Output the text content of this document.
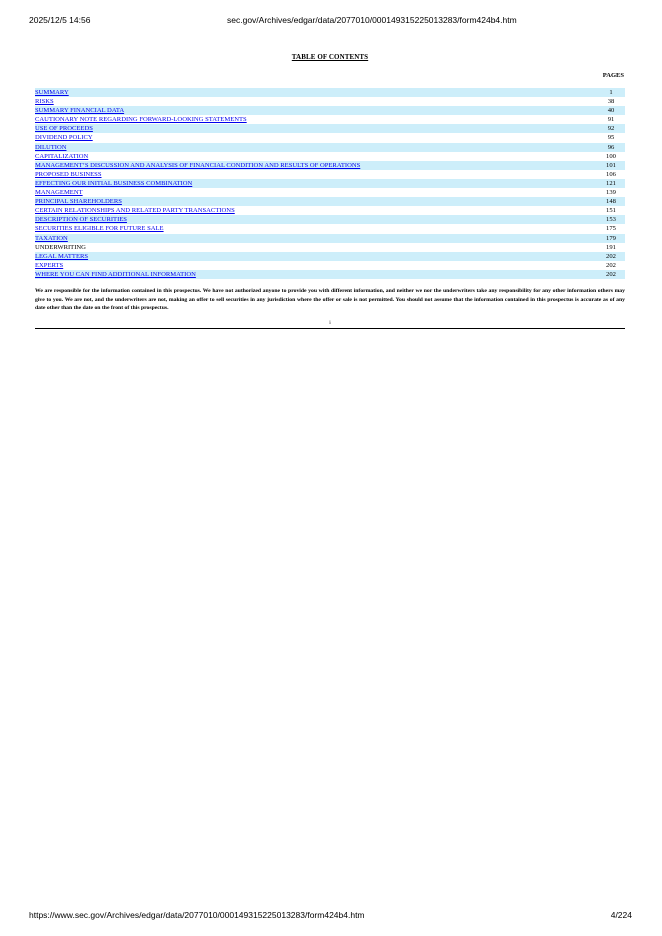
2025/12/5 14:56	sec.gov/Archives/edgar/data/2077010/000149315225013283/form424b4.htm
TABLE OF CONTENTS
PAGES
SUMMARY	1
RISKS	38
SUMMARY FINANCIAL DATA	40
CAUTIONARY NOTE REGARDING FORWARD-LOOKING STATEMENTS	91
USE OF PROCEEDS	92
DIVIDEND POLICY	95
DILUTION	96
CAPITALIZATION	100
MANAGEMENT’S DISCUSSION AND ANALYSIS OF FINANCIAL CONDITION AND RESULTS OF OPERATIONS	101
PROPOSED BUSINESS	106
EFFECTING OUR INITIAL BUSINESS COMBINATION	121
MANAGEMENT	139
PRINCIPAL SHAREHOLDERS	148
CERTAIN RELATIONSHIPS AND RELATED PARTY TRANSACTIONS	151
DESCRIPTION OF SECURITIES	153
SECURITIES ELIGIBLE FOR FUTURE SALE	175
TAXATION	179
UNDERWRITING	191
LEGAL MATTERS	202
EXPERTS	202
WHERE YOU CAN FIND ADDITIONAL INFORMATION	202
We are responsible for the information contained in this prospectus. We have not authorized anyone to provide you with different information, and neither we nor the underwriters take any responsibility for any other information others may give to you. We are not, and the underwriters are not, making an offer to sell securities in any jurisdiction where the offer or sale is not permitted. You should not assume that the information contained in this prospectus is accurate as of any date other than the date on the front of this prospectus.
i
https://www.sec.gov/Archives/edgar/data/2077010/000149315225013283/form424b4.htm	4/224
